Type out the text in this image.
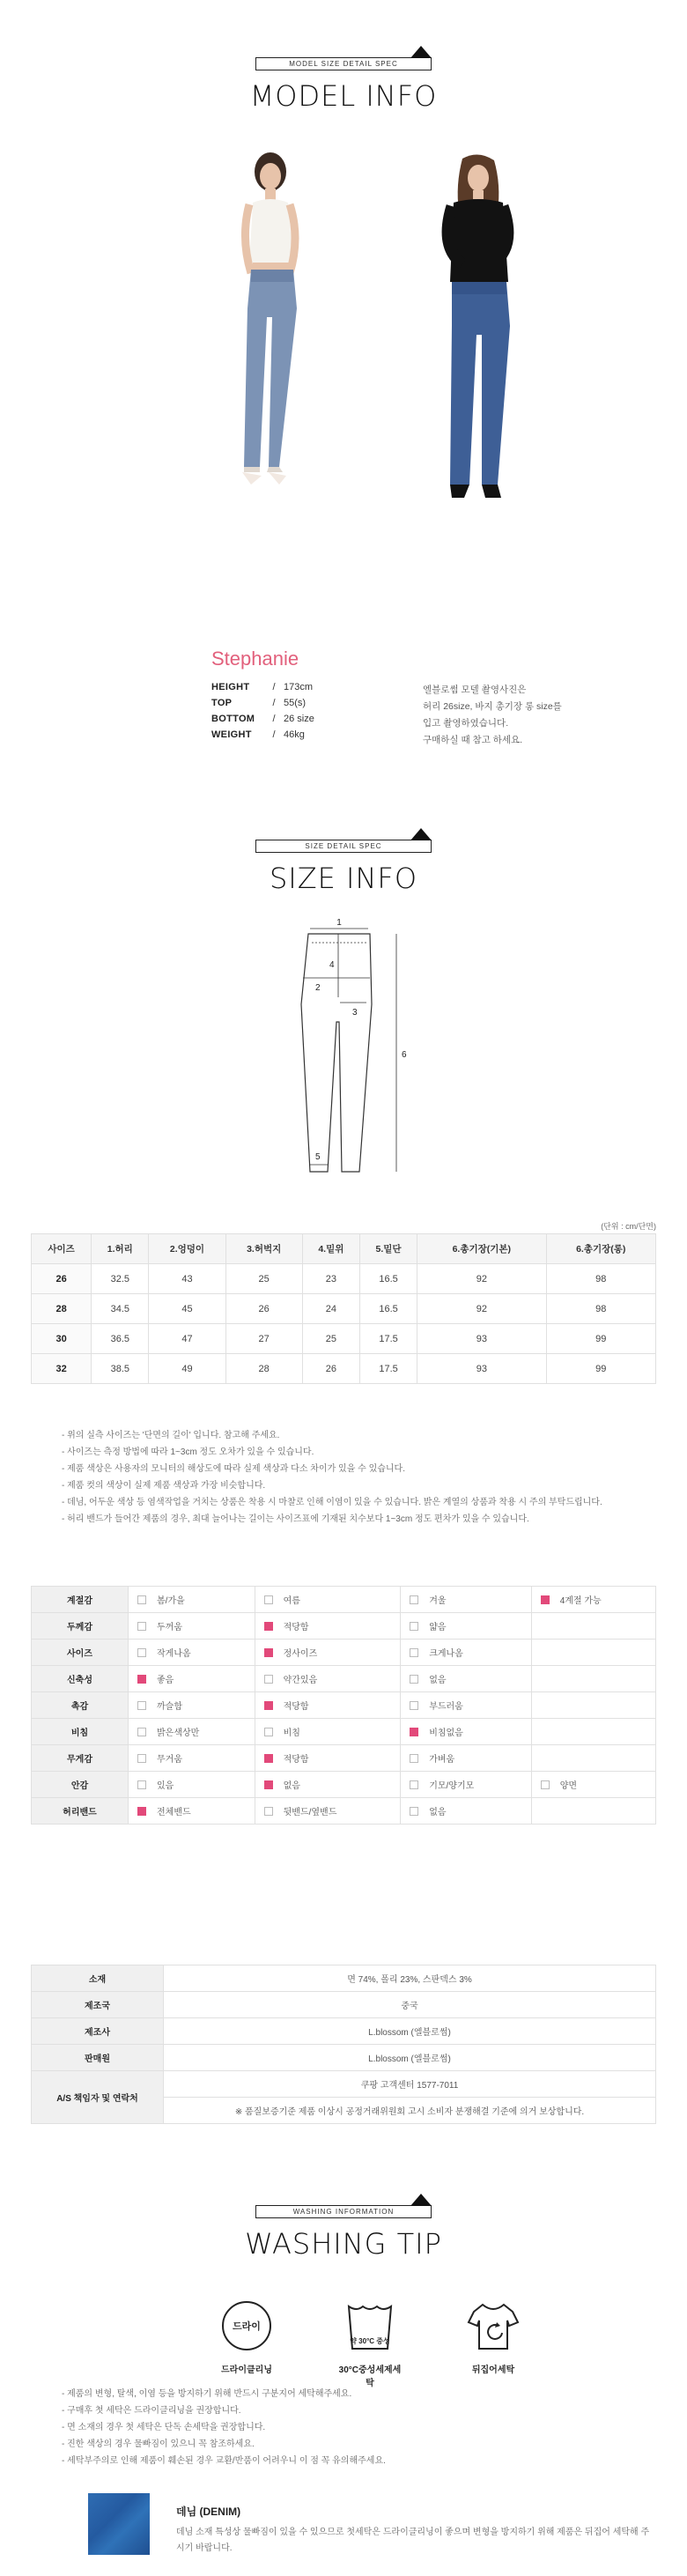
MODEL SIZE DETAIL SPEC
MODEL INFO
Stephanie
HEIGHT	/ 173cm
TOP	/ 55(s)
BOTTOM	/ 26 size
WEIGHT	/ 46kg
엘블로썸 모델 촬영사진은
허리 26size, 바지 총기장 롱 size를
입고 촬영하였습니다.
구매하실 때 참고 하세요.
SIZE DETAIL SPEC
SIZE INFO
1
2
3
4
5
6
(단위 : cm/단면)
사이즈	1.허리	2.엉덩이	3.허벅지	4.밑위	5.밑단	6.총기장(기본)	6.총기장(롱)
26	32.5	43	25	23	16.5	92	98
28	34.5	45	26	24	16.5	92	98
30	36.5	47	27	25	17.5	93	99
32	38.5	49	28	26	17.5	93	99
- 위의 실측 사이즈는 '단면의 길이' 입니다. 참고해 주세요.
- 사이즈는 측정 방법에 따라 1~3cm 정도 오차가 있을 수 있습니다.
- 제품 색상은 사용자의 모니터의 해상도에 따라 실제 색상과 다소 차이가 있을 수 있습니다.
- 제품 컷의 색상이 실제 제품 색상과 가장 비슷합니다.
- 데님, 어두운 색상 등 염색작업을 거치는 상품은 착용 시 마찰로 인해 이염이 있을 수 있습니다. 밝은 계열의 상품과 착용 시 주의 부탁드립니다.
- 허리 밴드가 들어간 제품의 경우, 최대 늘어나는 길이는 사이즈표에 기재된 치수보다 1~3cm 정도 편차가 있을 수 있습니다.
계절감	봄/가을	여름	겨울	4계절 가능
두께감	두꺼움	적당함	얇음	
사이즈	작게나옴	정사이즈	크게나옴	
신축성	좋음	약간있음	없음	
촉감	까슬함	적당함	부드러움	
비침	밝은색상만	비침	비침없음	
무게감	무거움	적당함	가벼움	
안감	있음	없음	기모/양기모	양면
허리밴드	전체밴드	뒷밴드/옆밴드	없음	
소재	면 74%, 폴리 23%, 스판덱스 3%
제조국	중국
제조사	L.blossom (엘블로썸)
판매원	L.blossom (엘블로썸)
A/S 책임자 및 연락처	쿠팡 고객센터 1577-7011
	※ 품질보증기준 제품 이상시 공정거래위원회 고시 소비자 분쟁해결 기준에 의거 보상합니다.
WASHING INFORMATION
WASHING TIP
드라이
드라이클리닝
약 30°C 중성
30°C중성세제세탁
뒤집어세탁
- 제품의 변형, 탈색, 이염 등을 방지하기 위해 반드시 구분지어 세탁해주세요.
- 구매후 첫 세탁은 드라이클리닝을 권장합니다.
- 면 소재의 경우 첫 세탁은 단독 손세탁을 권장합니다.
- 진한 색상의 경우 물빠짐이 있으니 꼭 참조하세요.
- 세탁부주의로 인해 제품이 훼손된 경우 교환/반품이 어려우니 이 점 꼭 유의해주세요.
데님 (DENIM)
데님 소재 특성상 물빠짐이 있을 수 있으므로 첫세탁은 드라이클리닝이 좋으며 변형을 방지하기 위해 제품은 뒤집어 세탁해 주시기 바랍니다.
